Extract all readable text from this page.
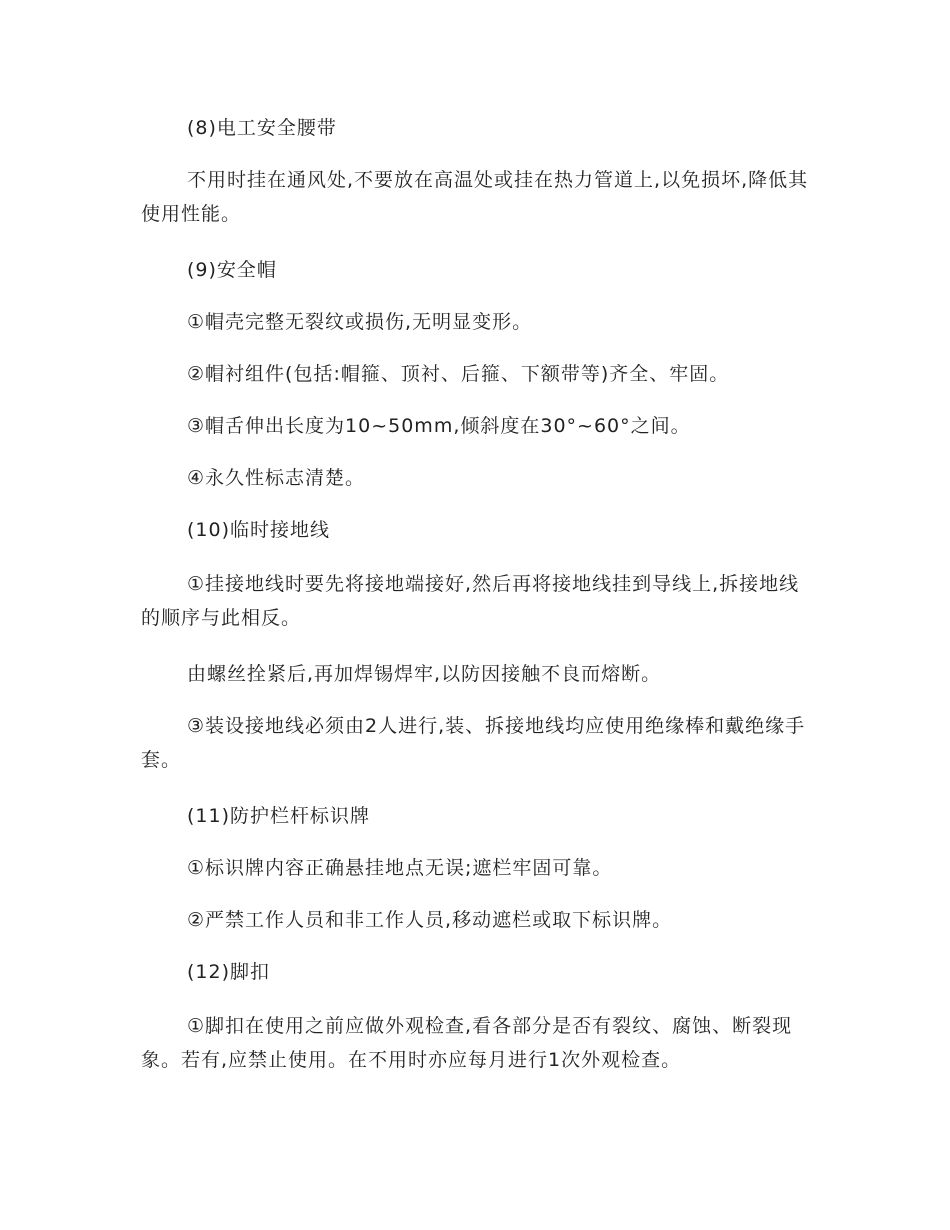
(8)电工安全腰带

不用时挂在通风处,不要放在高温处或挂在热力管道上,以免损坏,降低其使用性能。

(9)安全帽

①帽壳完整无裂纹或损伤,无明显变形。

②帽衬组件(包括:帽箍、顶衬、后箍、下额带等)齐全、牢固。

③帽舌伸出长度为10~50mm,倾斜度在30°~60°之间。

④永久性标志清楚。

(10)临时接地线

①挂接地线时要先将接地端接好,然后再将接地线挂到导线上,拆接地线的顺序与此相反。

由螺丝拴紧后,再加焊锡焊牢,以防因接触不良而熔断。

③装设接地线必须由2人进行,装、拆接地线均应使用绝缘棒和戴绝缘手套。

(11)防护栏杆标识牌

①标识牌内容正确悬挂地点无误;遮栏牢固可靠。

②严禁工作人员和非工作人员,移动遮栏或取下标识牌。

(12)脚扣

①脚扣在使用之前应做外观检查,看各部分是否有裂纹、腐蚀、断裂现象。若有,应禁止使用。在不用时亦应每月进行1次外观检查。
